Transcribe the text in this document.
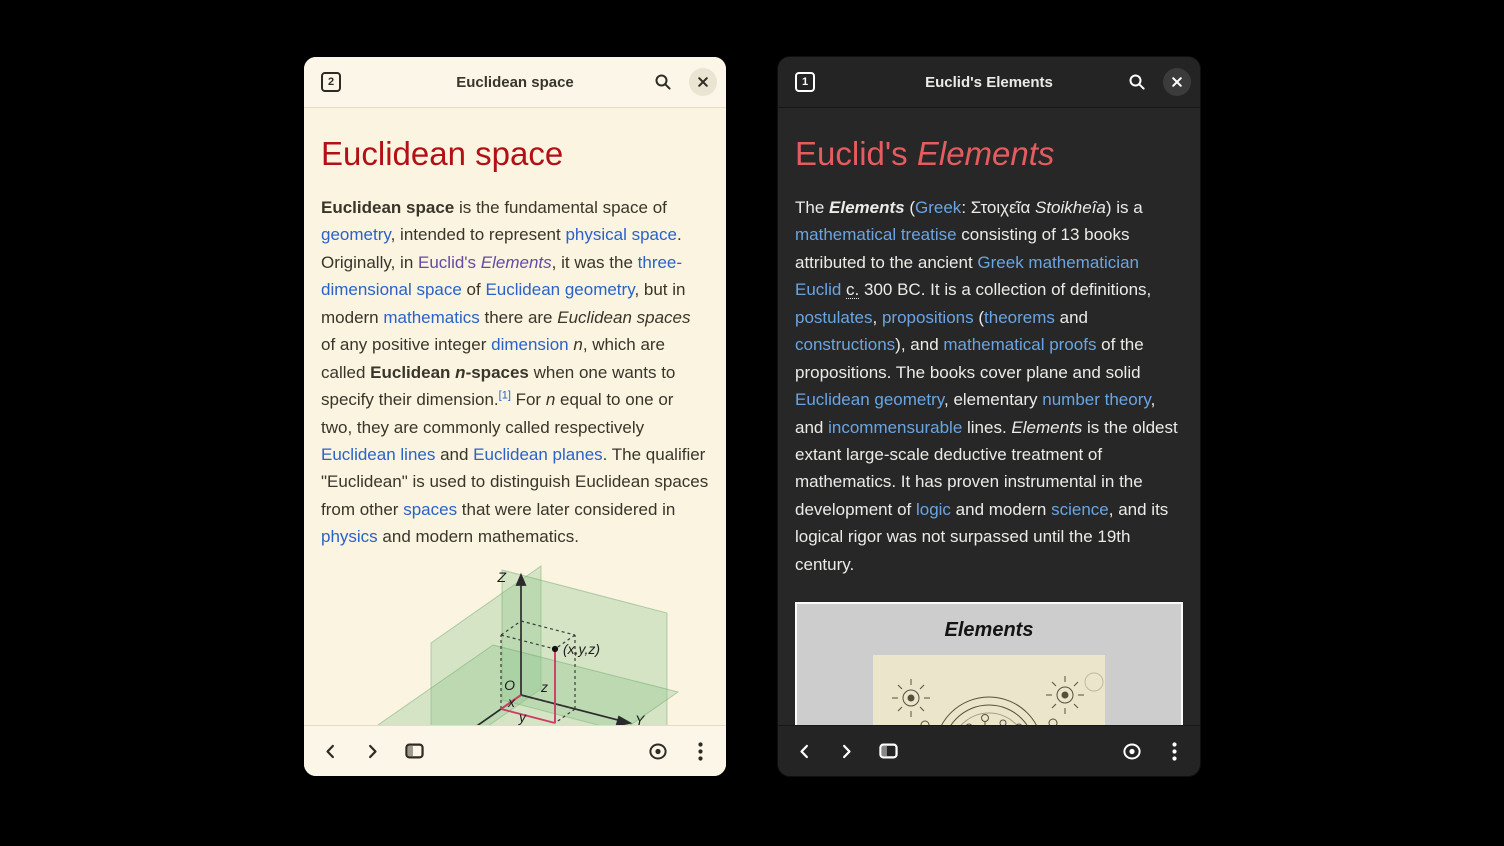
2	Euclidean space
Euclidean space

Euclidean space is the fundamental space of geometry, intended to represent physical space. Originally, in Euclid's Elements, it was the three-dimensional space of Euclidean geometry, but in modern mathematics there are Euclidean spaces of any positive integer dimension n, which are called Euclidean n-spaces when one wants to specify their dimension.[1] For n equal to one or two, they are commonly called respectively Euclidean lines and Euclidean planes. The qualifier "Euclidean" is used to distinguish Euclidean spaces from other spaces that were later considered in physics and modern mathematics.

Z
Y
O
x
y
z
(x,y,z)
1	Euclid's Elements
Euclid's Elements

The Elements (Greek: Στοιχεῖα Stoikheîa) is a mathematical treatise consisting of 13 books attributed to the ancient Greek mathematician Euclid c. 300 BC. It is a collection of definitions, postulates, propositions (theorems and constructions), and mathematical proofs of the propositions. The books cover plane and solid Euclidean geometry, elementary number theory, and incommensurable lines. Elements is the oldest extant large-scale deductive treatment of mathematics. It has proven instrumental in the development of logic and modern science, and its logical rigor was not surpassed until the 19th century.

Elements
